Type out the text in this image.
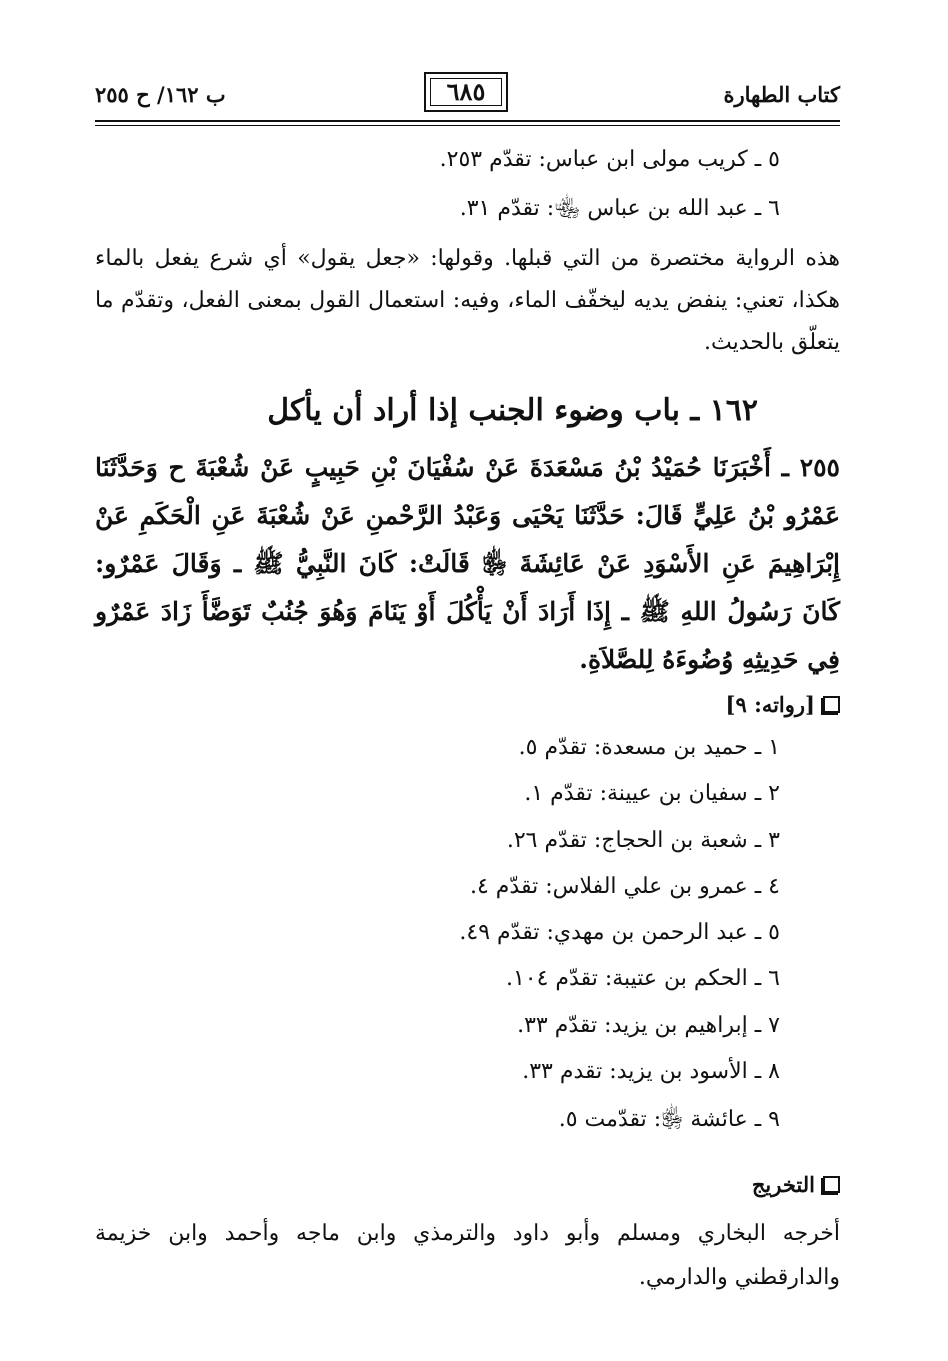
كتاب الطهارة
٦٨٥
ب ١٦٢/ ح ٢٥٥
٥ ـ كريب مولى ابن عباس: تقدّم ٢٥٣.
٦ ـ عبد الله بن عباس ﵄: تقدّم ٣١.
هذه الرواية مختصرة من التي قبلها. وقولها: «جعل يقول» أي شرع يفعل بالماء هكذا، تعني: ينفض يديه ليخفّف الماء، وفيه: استعمال القول بمعنى الفعل، وتقدّم ما يتعلّق بالحديث.
١٦٢ ـ باب وضوء الجنب إذا أراد أن يأكل
٢٥٥ ـ أَخْبَرَنَا حُمَيْدُ بْنُ مَسْعَدَةَ عَنْ سُفْيَانَ بْنِ حَبِيبٍ عَنْ شُعْبَةَ ح وَحَدَّثَنَا عَمْرُو بْنُ عَلِيٍّ قَالَ: حَدَّثَنَا يَحْيَى وَعَبْدُ الرَّحْمنِ عَنْ شُعْبَةَ عَنِ الْحَكَمِ عَنْ إِبْرَاهِيمَ عَنِ الأَسْوَدِ عَنْ عَائِشَةَ ﵂ قَالَتْ: كَانَ النَّبِيُّ ﷺ ـ وَقَالَ عَمْرٌو: كَانَ رَسُولُ اللهِ ﷺ ـ إِذَا أَرَادَ أَنْ يَأْكُلَ أَوْ يَنَامَ وَهُوَ جُنُبٌ تَوَضَّأَ زَادَ عَمْرٌو فِي حَدِيثِهِ وُضُوءَهُ لِلصَّلاَةِ.
[رواته: ٩]
١ ـ حميد بن مسعدة: تقدّم ٥.
٢ ـ سفيان بن عيينة: تقدّم ١.
٣ ـ شعبة بن الحجاج: تقدّم ٢٦.
٤ ـ عمرو بن علي الفلاس: تقدّم ٤.
٥ ـ عبد الرحمن بن مهدي: تقدّم ٤٩.
٦ ـ الحكم بن عتيبة: تقدّم ١٠٤.
٧ ـ إبراهيم بن يزيد: تقدّم ٣٣.
٨ ـ الأسود بن يزيد: تقدم ٣٣.
٩ ـ عائشة ﵂: تقدّمت ٥.
التخريج
أخرجه البخاري ومسلم وأبو داود والترمذي وابن ماجه وأحمد وابن خزيمة والدارقطني والدارمي.
